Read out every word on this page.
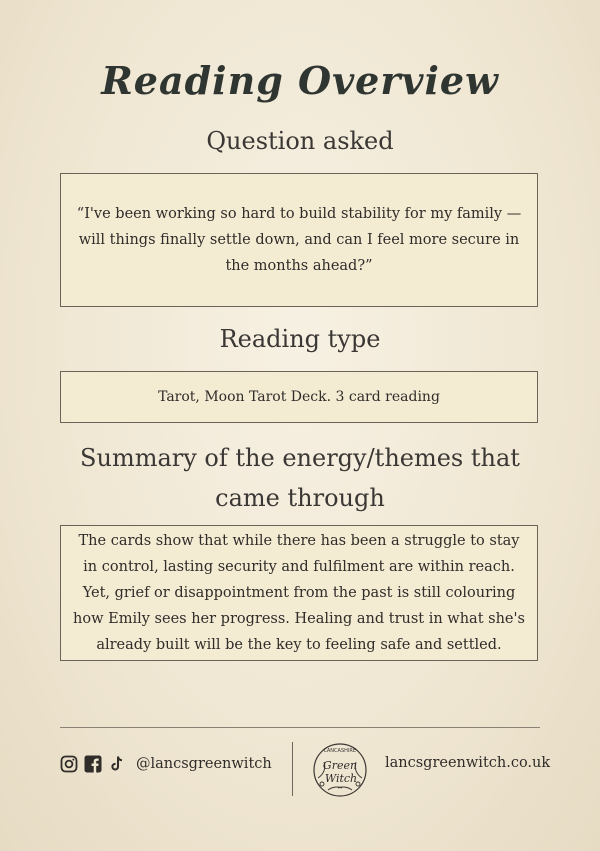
Reading Overview
Question asked
“I've been working so hard to build stability for my family — will things finally settle down, and can I feel more secure in the months ahead?”
Reading type
Tarot, Moon Tarot Deck. 3 card reading
Summary of the energy/themes that came through
The cards show that while there has been a struggle to stay in control, lasting security and fulfilment are within reach. Yet, grief or disappointment from the past is still colouring how Emily sees her progress. Healing and trust in what she's already built will be the key to feeling safe and settled.
@lancsgreenwitch
LANCASHIRE
Green
Witch
lancsgreenwitch.co.uk
